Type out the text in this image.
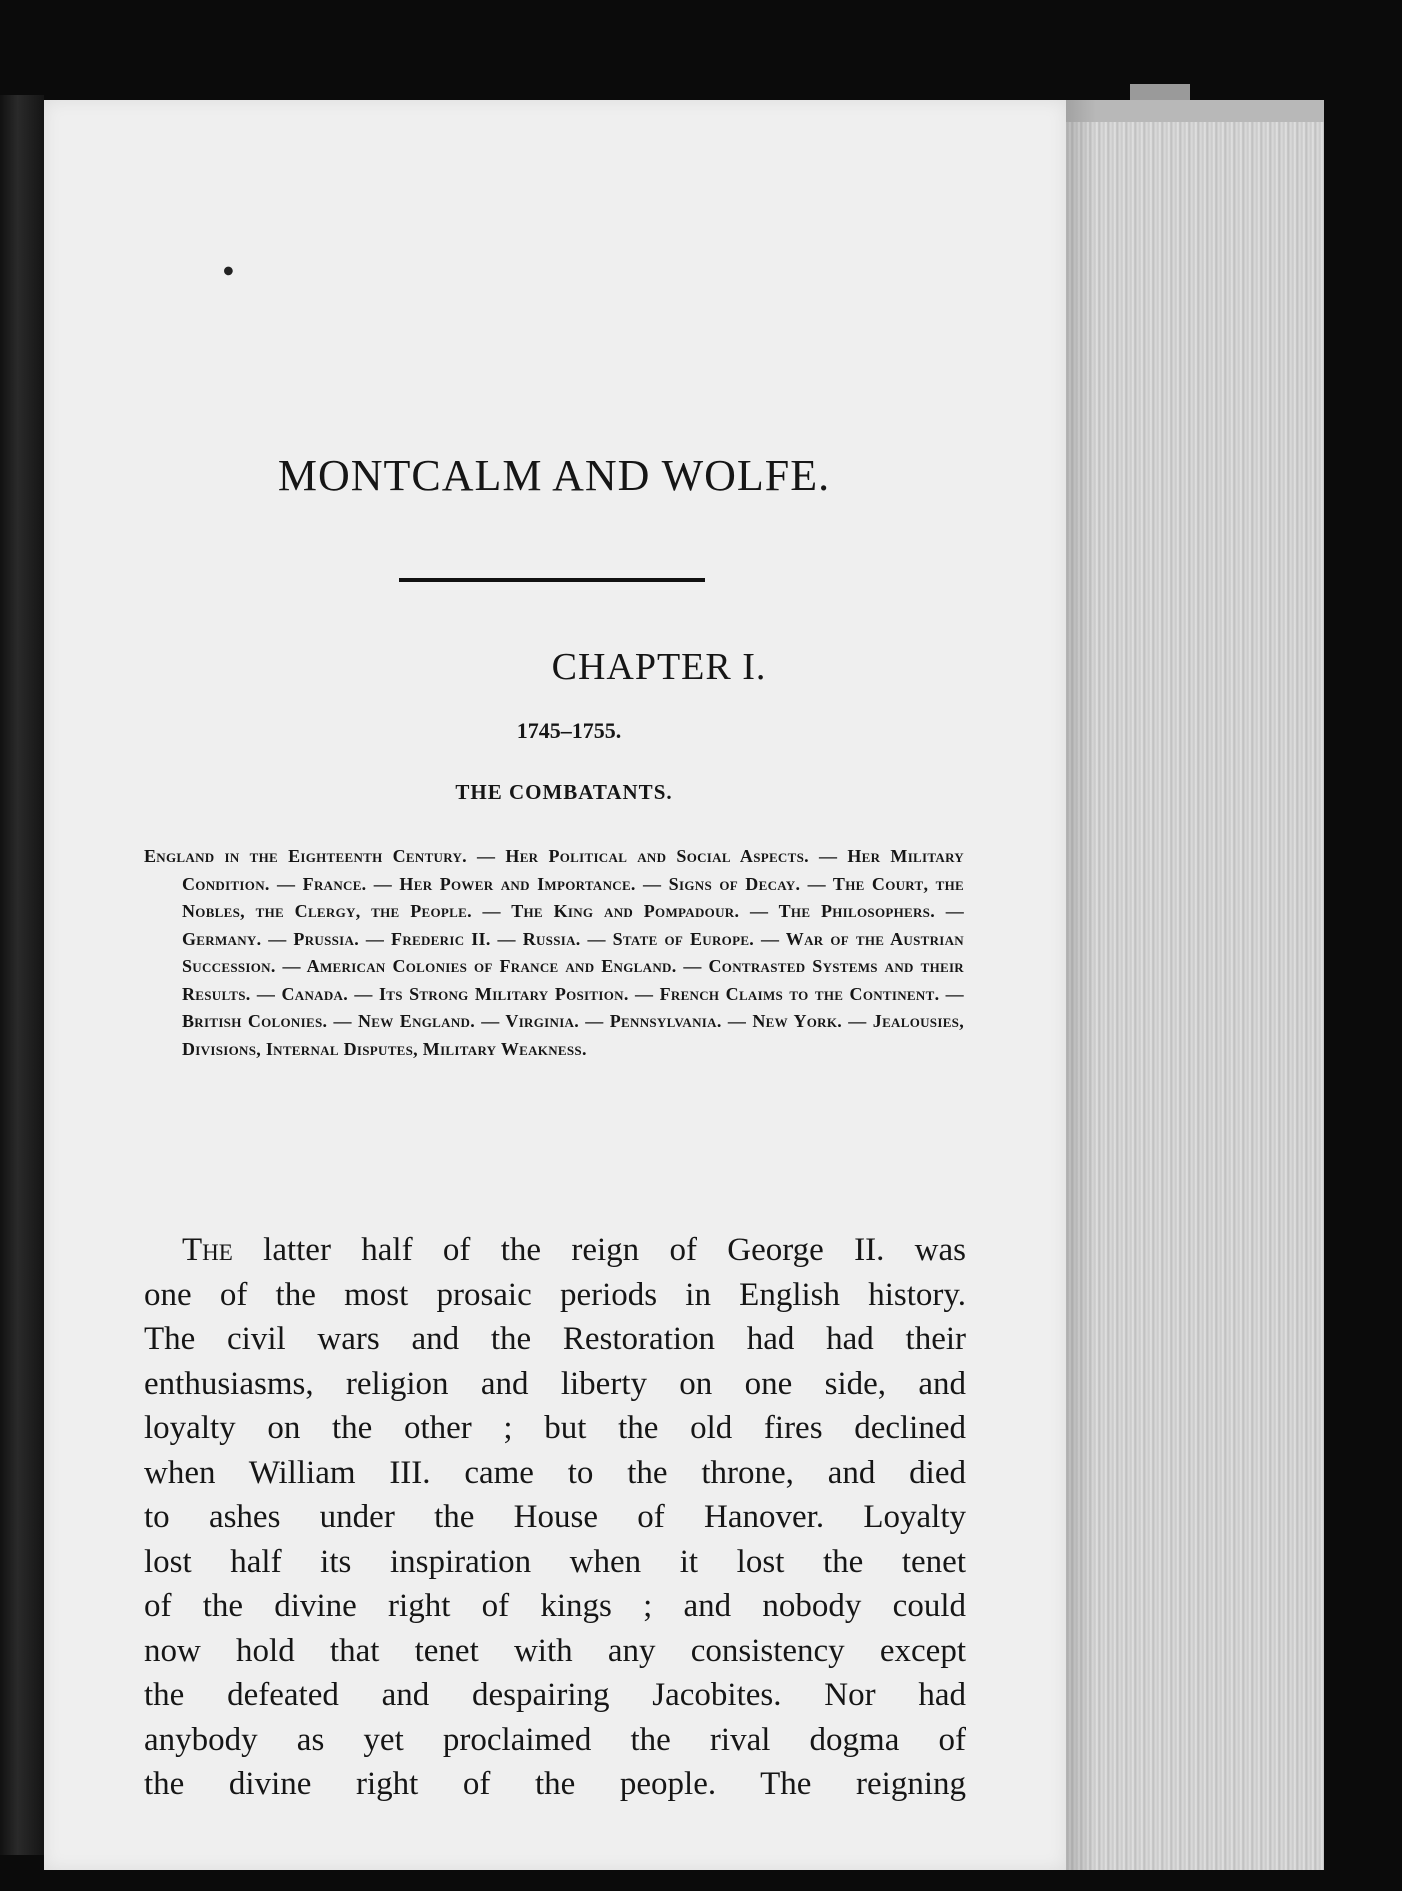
•
MONTCALM AND WOLFE.
CHAPTER I.
1745–1755.
THE COMBATANTS.
England in the Eighteenth Century. — Her Political and Social Aspects. — Her Military Condition. — France. — Her Power and Importance. — Signs of Decay. — The Court, the Nobles, the Clergy, the People. — The King and Pompadour. — The Philosophers. — Germany. — Prussia. — Frederic II. — Russia. — State of Europe. — War of the Austrian Succession. — American Colonies of France and England. — Contrasted Systems and their Results. — Canada. — Its Strong Military Position. — French Claims to the Continent. — British Colonies. — New England. — Virginia. — Pennsylvania. — New York. — Jealousies, Divisions, Internal Disputes, Military Weakness.
The latter half of the reign of George II. was
one of the most prosaic periods in English history.
The civil wars and the Restoration had had their
enthusiasms, religion and liberty on one side, and
loyalty on the other ; but the old fires declined
when William III. came to the throne, and died
to ashes under the House of Hanover. Loyalty
lost half its inspiration when it lost the tenet
of the divine right of kings ; and nobody could
now hold that tenet with any consistency except
the defeated and despairing Jacobites. Nor had
anybody as yet proclaimed the rival dogma of
the divine right of the people. The reigning
